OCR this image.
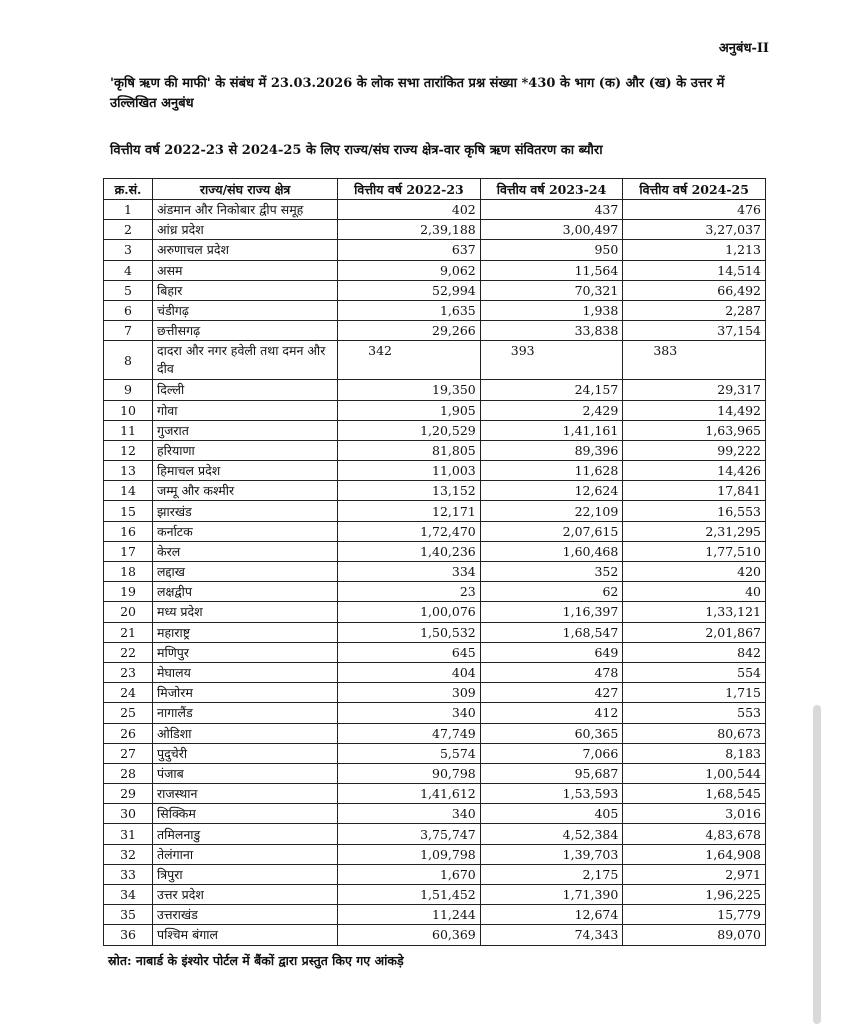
अनुबंध-II
'कृषि ऋण की माफी' के संबंध में 23.03.2026 के लोक सभा तारांकित प्रश्न संख्या *430 के भाग (क) और (ख) के उत्तर में उल्लिखित अनुबंध
वित्तीय वर्ष 2022-23 से 2024-25 के लिए राज्य/संघ राज्य क्षेत्र-वार कृषि ऋण संवितरण का ब्यौरा
क्र.सं.	राज्य/संघ राज्य क्षेत्र	वित्तीय वर्ष 2022-23	वित्तीय वर्ष 2023-24	वित्तीय वर्ष 2024-25
1	अंडमान और निकोबार द्वीप समूह	402	437	476
2	आंध्र प्रदेश	2,39,188	3,00,497	3,27,037
3	अरुणाचल प्रदेश	637	950	1,213
4	असम	9,062	11,564	14,514
5	बिहार	52,994	70,321	66,492
6	चंडीगढ़	1,635	1,938	2,287
7	छत्तीसगढ़	29,266	33,838	37,154
8	दादरा और नगर हवेली तथा दमन और दीव	342	393	383
9	दिल्ली	19,350	24,157	29,317
10	गोवा	1,905	2,429	14,492
11	गुजरात	1,20,529	1,41,161	1,63,965
12	हरियाणा	81,805	89,396	99,222
13	हिमाचल प्रदेश	11,003	11,628	14,426
14	जम्मू और कश्मीर	13,152	12,624	17,841
15	झारखंड	12,171	22,109	16,553
16	कर्नाटक	1,72,470	2,07,615	2,31,295
17	केरल	1,40,236	1,60,468	1,77,510
18	लद्दाख	334	352	420
19	लक्षद्वीप	23	62	40
20	मध्य प्रदेश	1,00,076	1,16,397	1,33,121
21	महाराष्ट्र	1,50,532	1,68,547	2,01,867
22	मणिपुर	645	649	842
23	मेघालय	404	478	554
24	मिजोरम	309	427	1,715
25	नागालैंड	340	412	553
26	ओडिशा	47,749	60,365	80,673
27	पुदुचेरी	5,574	7,066	8,183
28	पंजाब	90,798	95,687	1,00,544
29	राजस्थान	1,41,612	1,53,593	1,68,545
30	सिक्किम	340	405	3,016
31	तमिलनाडु	3,75,747	4,52,384	4,83,678
32	तेलंगाना	1,09,798	1,39,703	1,64,908
33	त्रिपुरा	1,670	2,175	2,971
34	उत्तर प्रदेश	1,51,452	1,71,390	1,96,225
35	उत्तराखंड	11,244	12,674	15,779
36	पश्चिम बंगाल	60,369	74,343	89,070
स्रोत: नाबार्ड के इंश्योर पोर्टल में बैंकों द्वारा प्रस्तुत किए गए आंकड़े
